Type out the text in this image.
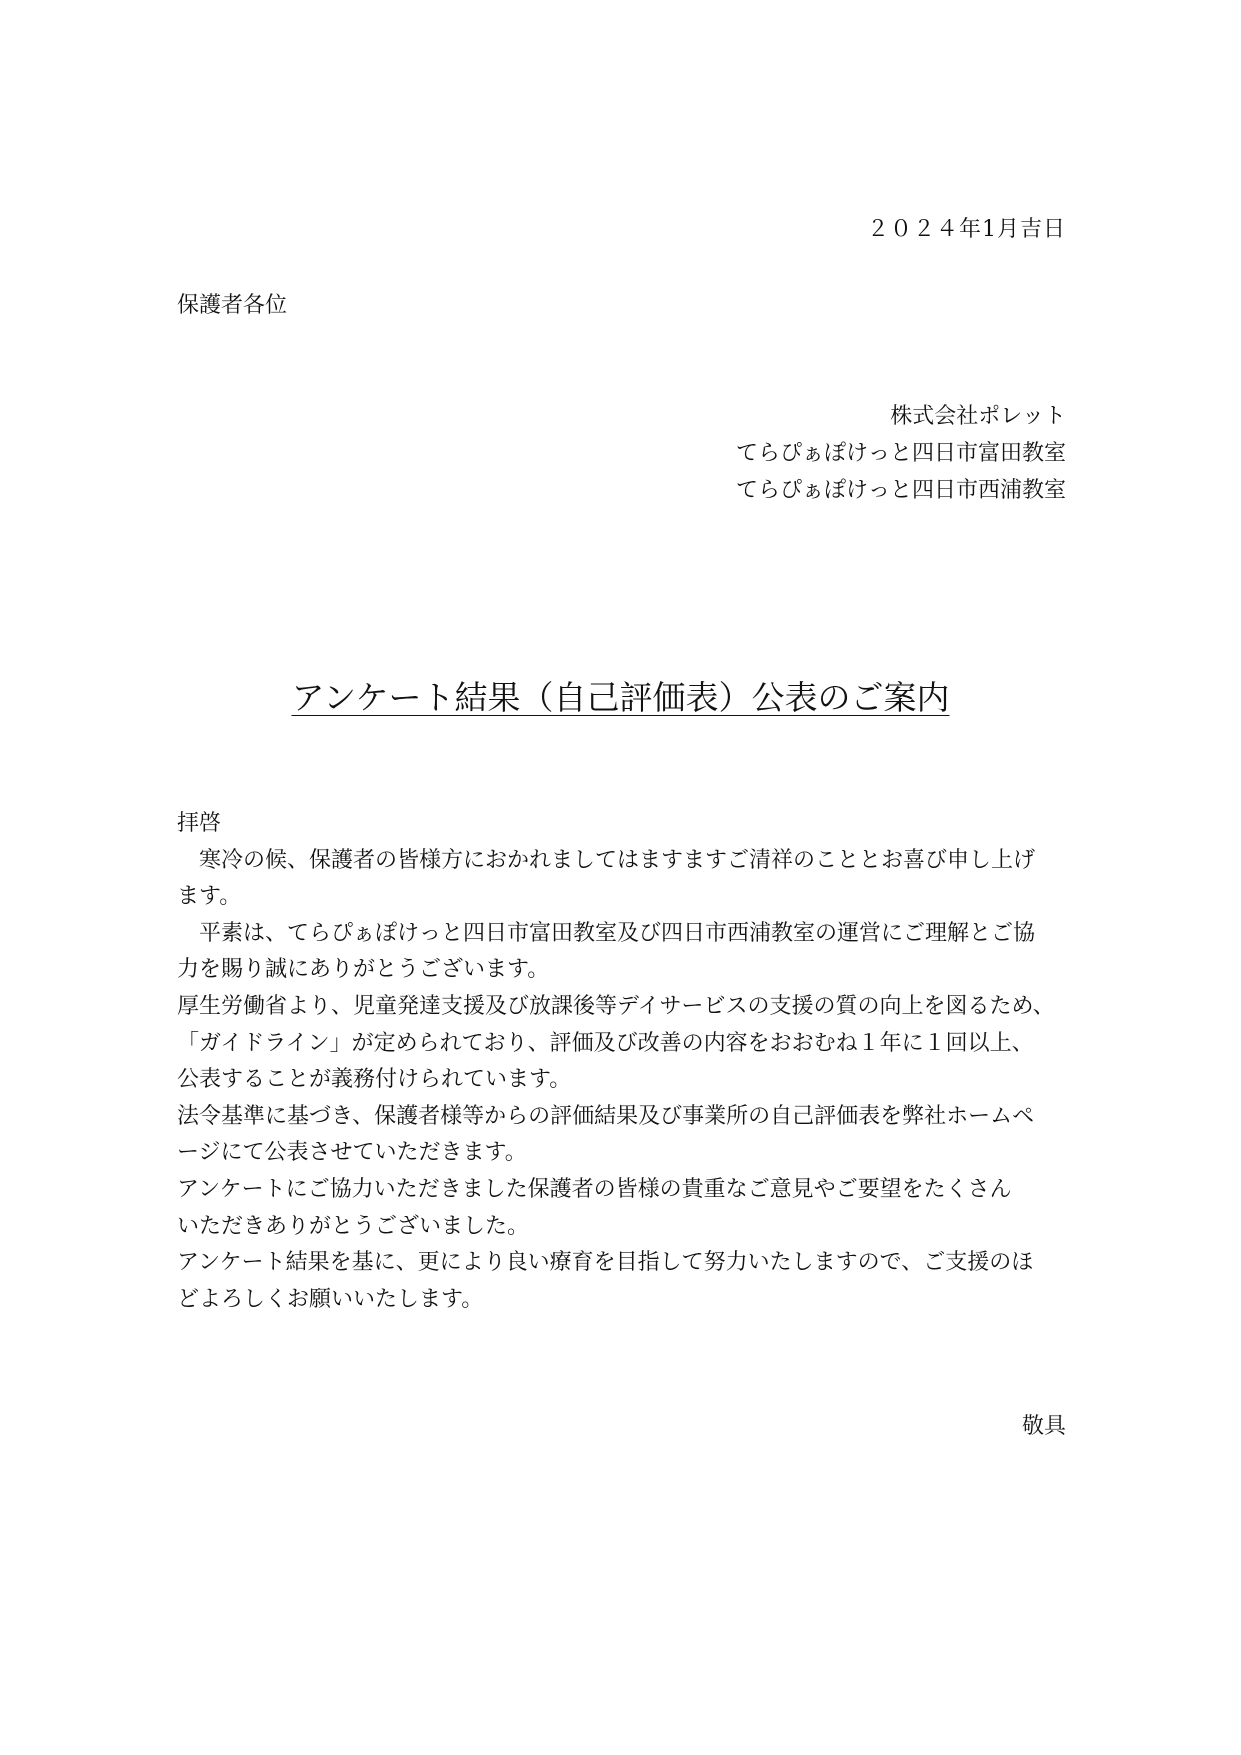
２０２４年1月吉日
保護者各位
株式会社ポレット
てらぴぁぽけっと四日市富田教室
てらぴぁぽけっと四日市西浦教室
アンケート結果（自己評価表）公表のご案内

拝啓

　寒冷の候、保護者の皆様方におかれましてはますますご清祥のこととお喜び申し上げ

ます。

　平素は、てらぴぁぽけっと四日市富田教室及び四日市西浦教室の運営にご理解とご協

力を賜り誠にありがとうございます。

厚生労働省より、児童発達支援及び放課後等デイサービスの支援の質の向上を図るため、

「ガイドライン」が定められており、評価及び改善の内容をおおむね１年に１回以上、

公表することが義務付けられています。

法令基準に基づき、保護者様等からの評価結果及び事業所の自己評価表を弊社ホームペ

ージにて公表させていただきます。

アンケートにご協力いただきました保護者の皆様の貴重なご意見やご要望をたくさん

いただきありがとうございました。

アンケート結果を基に、更により良い療育を目指して努力いたしますので、ご支援のほ

どよろしくお願いいたします。

敬具
